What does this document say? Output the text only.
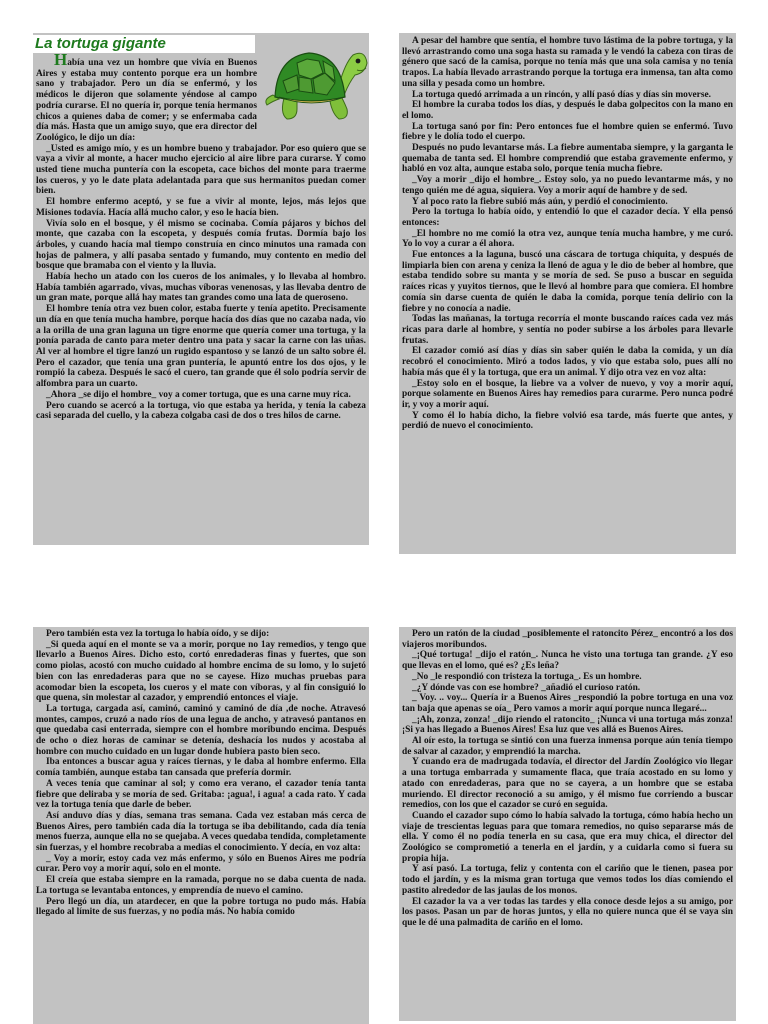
La tortuga gigante

Había una vez un hombre que vivía en Buenos Aires y estaba muy contento porque era un hombre sano y trabajador. Pero un día se enfermó, y los médicos le dijeron que solamente yéndose al campo podría curarse. El no quería ir, porque tenía hermanos chicos a quienes daba de comer; y se enfermaba cada día más. Hasta que un amigo suyo, que era director del Zoológico, le dijo un día:

_Usted es amigo mío, y es un hombre bueno y trabajador. Por eso quiero que se vaya a vivir al monte, a hacer mucho ejercicio al aire libre para curarse. Y como usted tiene mucha puntería con la escopeta, cace bichos del monte para traerme los cueros, y yo le date plata adelantada para que sus hermanitos puedan comer bien.

El hombre enfermo aceptó, y se fue a vivir al monte, lejos, más lejos que Misiones todavía. Hacía allá mucho calor, y eso le hacía bien.

Vivía solo en el bosque, y él mismo se cocinaba. Comía pájaros y bichos del monte, que cazaba con la escopeta, y después comía frutas. Dormía bajo los árboles, y cuando hacía mal tiempo construía en cinco minutos una ramada con hojas de palmera, y allí pasaba sentado y fumando, muy contento en medio del bosque que bramaba con el viento y la lluvia.

Había hecho un atado con los cueros de los animales, y lo llevaba al hombro. Había también agarrado, vivas, muchas víboras venenosas, y las llevaba dentro de un gran mate, porque allá hay mates tan grandes como una lata de queroseno.

El hombre tenía otra vez buen color, estaba fuerte y tenía apetito. Precisamente un día en que tenía mucha hambre, porque hacía dos días que no cazaba nada, vio a la orilla de una gran laguna un tigre enorme que quería comer una tortuga, y la ponía parada de canto para meter dentro una pata y sacar la carne con las uñas. Al ver al hombre el tigre lanzó un rugido espantoso y se lanzó de un salto sobre él. Pero el cazador, que tenía una gran puntería, le apuntó entre los dos ojos, y le rompió la cabeza. Después le sacó el cuero, tan grande que él solo podría servir de alfombra para un cuarto.

_Ahora _se dijo el hombre_ voy a comer tortuga, que es una carne muy rica.

Pero cuando se acercó a la tortuga, vio que estaba ya herida, y tenía la cabeza casi separada del cuello, y la cabeza colgaba casi de dos o tres hilos de carne.

A pesar del hambre que sentía, el hombre tuvo lástima de la pobre tortuga, y la llevó arrastrando como una soga hasta su ramada y le vendó la cabeza con tiras de género que sacó de la camisa, porque no tenía más que una sola camisa y no tenía trapos. La había llevado arrastrando porque la tortuga era inmensa, tan alta como una silla y pesada como un hombre.

La tortuga quedó arrimada a un rincón, y allí pasó días y días sin moverse.

El hombre la curaba todos los días, y después le daba golpecitos con la mano en el lomo.

La tortuga sanó por fin: Pero entonces fue el hombre quien se enfermó. Tuvo fiebre y le dolía todo el cuerpo.

Después no pudo levantarse más. La fiebre aumentaba siempre, y la garganta le quemaba de tanta sed. El hombre comprendió que estaba gravemente enfermo, y habló en voz alta, aunque estaba solo, porque tenía mucha fiebre.

_Voy a morir _dijo el hombre_. Estoy solo, ya no puedo levantarme más, y no tengo quién me dé agua, siquiera. Voy a morir aquí de hambre y de sed.

Y al poco rato la fiebre subió más aún, y perdió el conocimiento.

Pero la tortuga lo había oído, y entendió lo que el cazador decía. Y ella pensó entonces:

_El hombre no me comió la otra vez, aunque tenía mucha hambre, y me curó. Yo lo voy a curar a él ahora.

Fue entonces a la laguna, buscó una cáscara de tortuga chiquita, y después de limpiarla bien con arena y ceniza la llenó de agua y le dio de beber al hombre, que estaba tendido sobre su manta y se moría de sed. Se puso a buscar en seguida raíces ricas y yuyitos tiernos, que le llevó al hombre para que comiera. El hombre comía sin darse cuenta de quién le daba la comida, porque tenía delirio con la fiebre y no conocía a nadie.

Todas las mañanas, la tortuga recorría el monte buscando raíces cada vez más ricas para darle al hombre, y sentía no poder subirse a los árboles para llevarle frutas.

El cazador comió así días y días sin saber quién le daba la comida, y un día recobró el conocimiento. Miró a todos lados, y vio que estaba solo, pues allí no había más que él y la tortuga, que era un animal. Y dijo otra vez en voz alta:

_Estoy solo en el bosque, la liebre va a volver de nuevo, y voy a morir aquí, porque solamente en Buenos Aires hay remedios para curarme. Pero nunca podré ir, y voy a morir aquí.

Y como él lo había dicho, la fiebre volvió esa tarde, más fuerte que antes, y perdió de nuevo el conocimiento.

Pero también esta vez la tortuga lo había oído, y se dijo:

_Si queda aquí en el monte se va a morir, porque no 1ay remedios, y tengo que llevarlo a Buenos Aires. Dicho esto, cortó enredaderas finas y fuertes, que son como piolas, acostó con mucho cuidado al hombre encima de su lomo, y lo sujetó bien con las enredaderas para que no se cayese. Hizo muchas pruebas para acomodar bien la escopeta, los cueros y el mate con víboras, y al fin consiguió lo que quena, sin molestar al cazador, y emprendió entonces el viaje.

La tortuga, cargada así, caminó, caminó y caminó de día ,de noche. Atravesó montes, campos, cruzó a nado ríos de una legua de ancho, y atravesó pantanos en que quedaba casi enterrada, siempre con el hombre moribundo encima. Después de ocho o diez horas de caminar se detenía, deshacía los nudos y acostaba al hombre con mucho cuidado en un lugar donde hubiera pasto bien seco.

Iba entonces a buscar agua y raíces tiernas, y le daba al hombre enfermo. Ella comía también, aunque estaba tan cansada que prefería dormir.

A veces tenía que caminar al sol; y como era verano, el cazador tenía tanta fiebre que deliraba y se moría de sed. Gritaba: ¡agua!, i agua! a cada rato. Y cada vez la tortuga tenía que darle de beber.

Así anduvo días y días, semana tras semana. Cada vez estaban más cerca de Buenos Aires, pero también cada día la tortuga se iba debilitando, cada día tenía menos fuerza, aunque ella no se quejaba. A veces quedaba tendida, completamente sin fuerzas, y el hombre recobraba a medias el conocimiento. Y decía, en voz alta:

_ Voy a morir, estoy cada vez más enfermo, y sólo en Buenos Aires me podría curar. Pero voy a morir aquí, solo en el monte.

El creía que estaba siempre en la ramada, porque no se daba cuenta de nada. La tortuga se levantaba entonces, y emprendía de nuevo el camino.

Pero llegó un día, un atardecer, en que la pobre tortuga no pudo más. Había llegado al límite de sus fuerzas, y no podía más. No había comido

Pero un ratón de la ciudad _posiblemente el ratoncito Pérez_ encontró a los dos viajeros moribundos.

_¡Qué tortuga! _dijo el ratón_. Nunca he visto una tortuga tan grande. ¿Y eso que llevas en el lomo, qué es? ¿Es leña?

_No _le respondió con tristeza la tortuga_. Es un hombre.

_¿Y dónde vas con ese hombre? _añadió el curioso ratón.

_ Voy. .. voy... Quería ir a Buenos Aires _respondió la pobre tortuga en una voz tan baja que apenas se oía_ Pero vamos a morir aquí porque nunca llegaré...

_¡Ah, zonza, zonza! _dijo riendo el ratoncito_ ¡Nunca vi una tortuga más zonza! ¡Si ya has llegado a Buenos Aires! Esa luz que ves allá es Buenos Aires.

Al oír esto, la tortuga se sintió con una fuerza inmensa porque aún tenía tiempo de salvar al cazador, y emprendió la marcha.

Y cuando era de madrugada todavía, el director del Jardín Zoológico vio llegar a una tortuga embarrada y sumamente flaca, que traía acostado en su lomo y atado con enredaderas, para que no se cayera, a un hombre que se estaba muriendo. El director reconoció a su amigo, y él mismo fue corriendo a buscar remedios, con los que el cazador se curó en seguida.

Cuando el cazador supo cómo lo había salvado la tortuga, cómo había hecho un viaje de trescientas leguas para que tomara remedios, no quiso separarse más de ella. Y como él no podía tenerla en su casa, que era muy chica, el director del Zoológico se comprometió a tenerla en el jardín, y a cuidarla como si fuera su propia hija.

Y así pasó. La tortuga, feliz y contenta con el cariño que le tienen, pasea por todo el jardín, y es la misma gran tortuga que vemos todos los días comiendo el pastito alrededor de las jaulas de los monos.

El cazador la va a ver todas las tardes y ella conoce desde lejos a su amigo, por los pasos. Pasan un par de horas juntos, y ella no quiere nunca que él se vaya sin que le dé una palmadita de cariño en el lomo.
